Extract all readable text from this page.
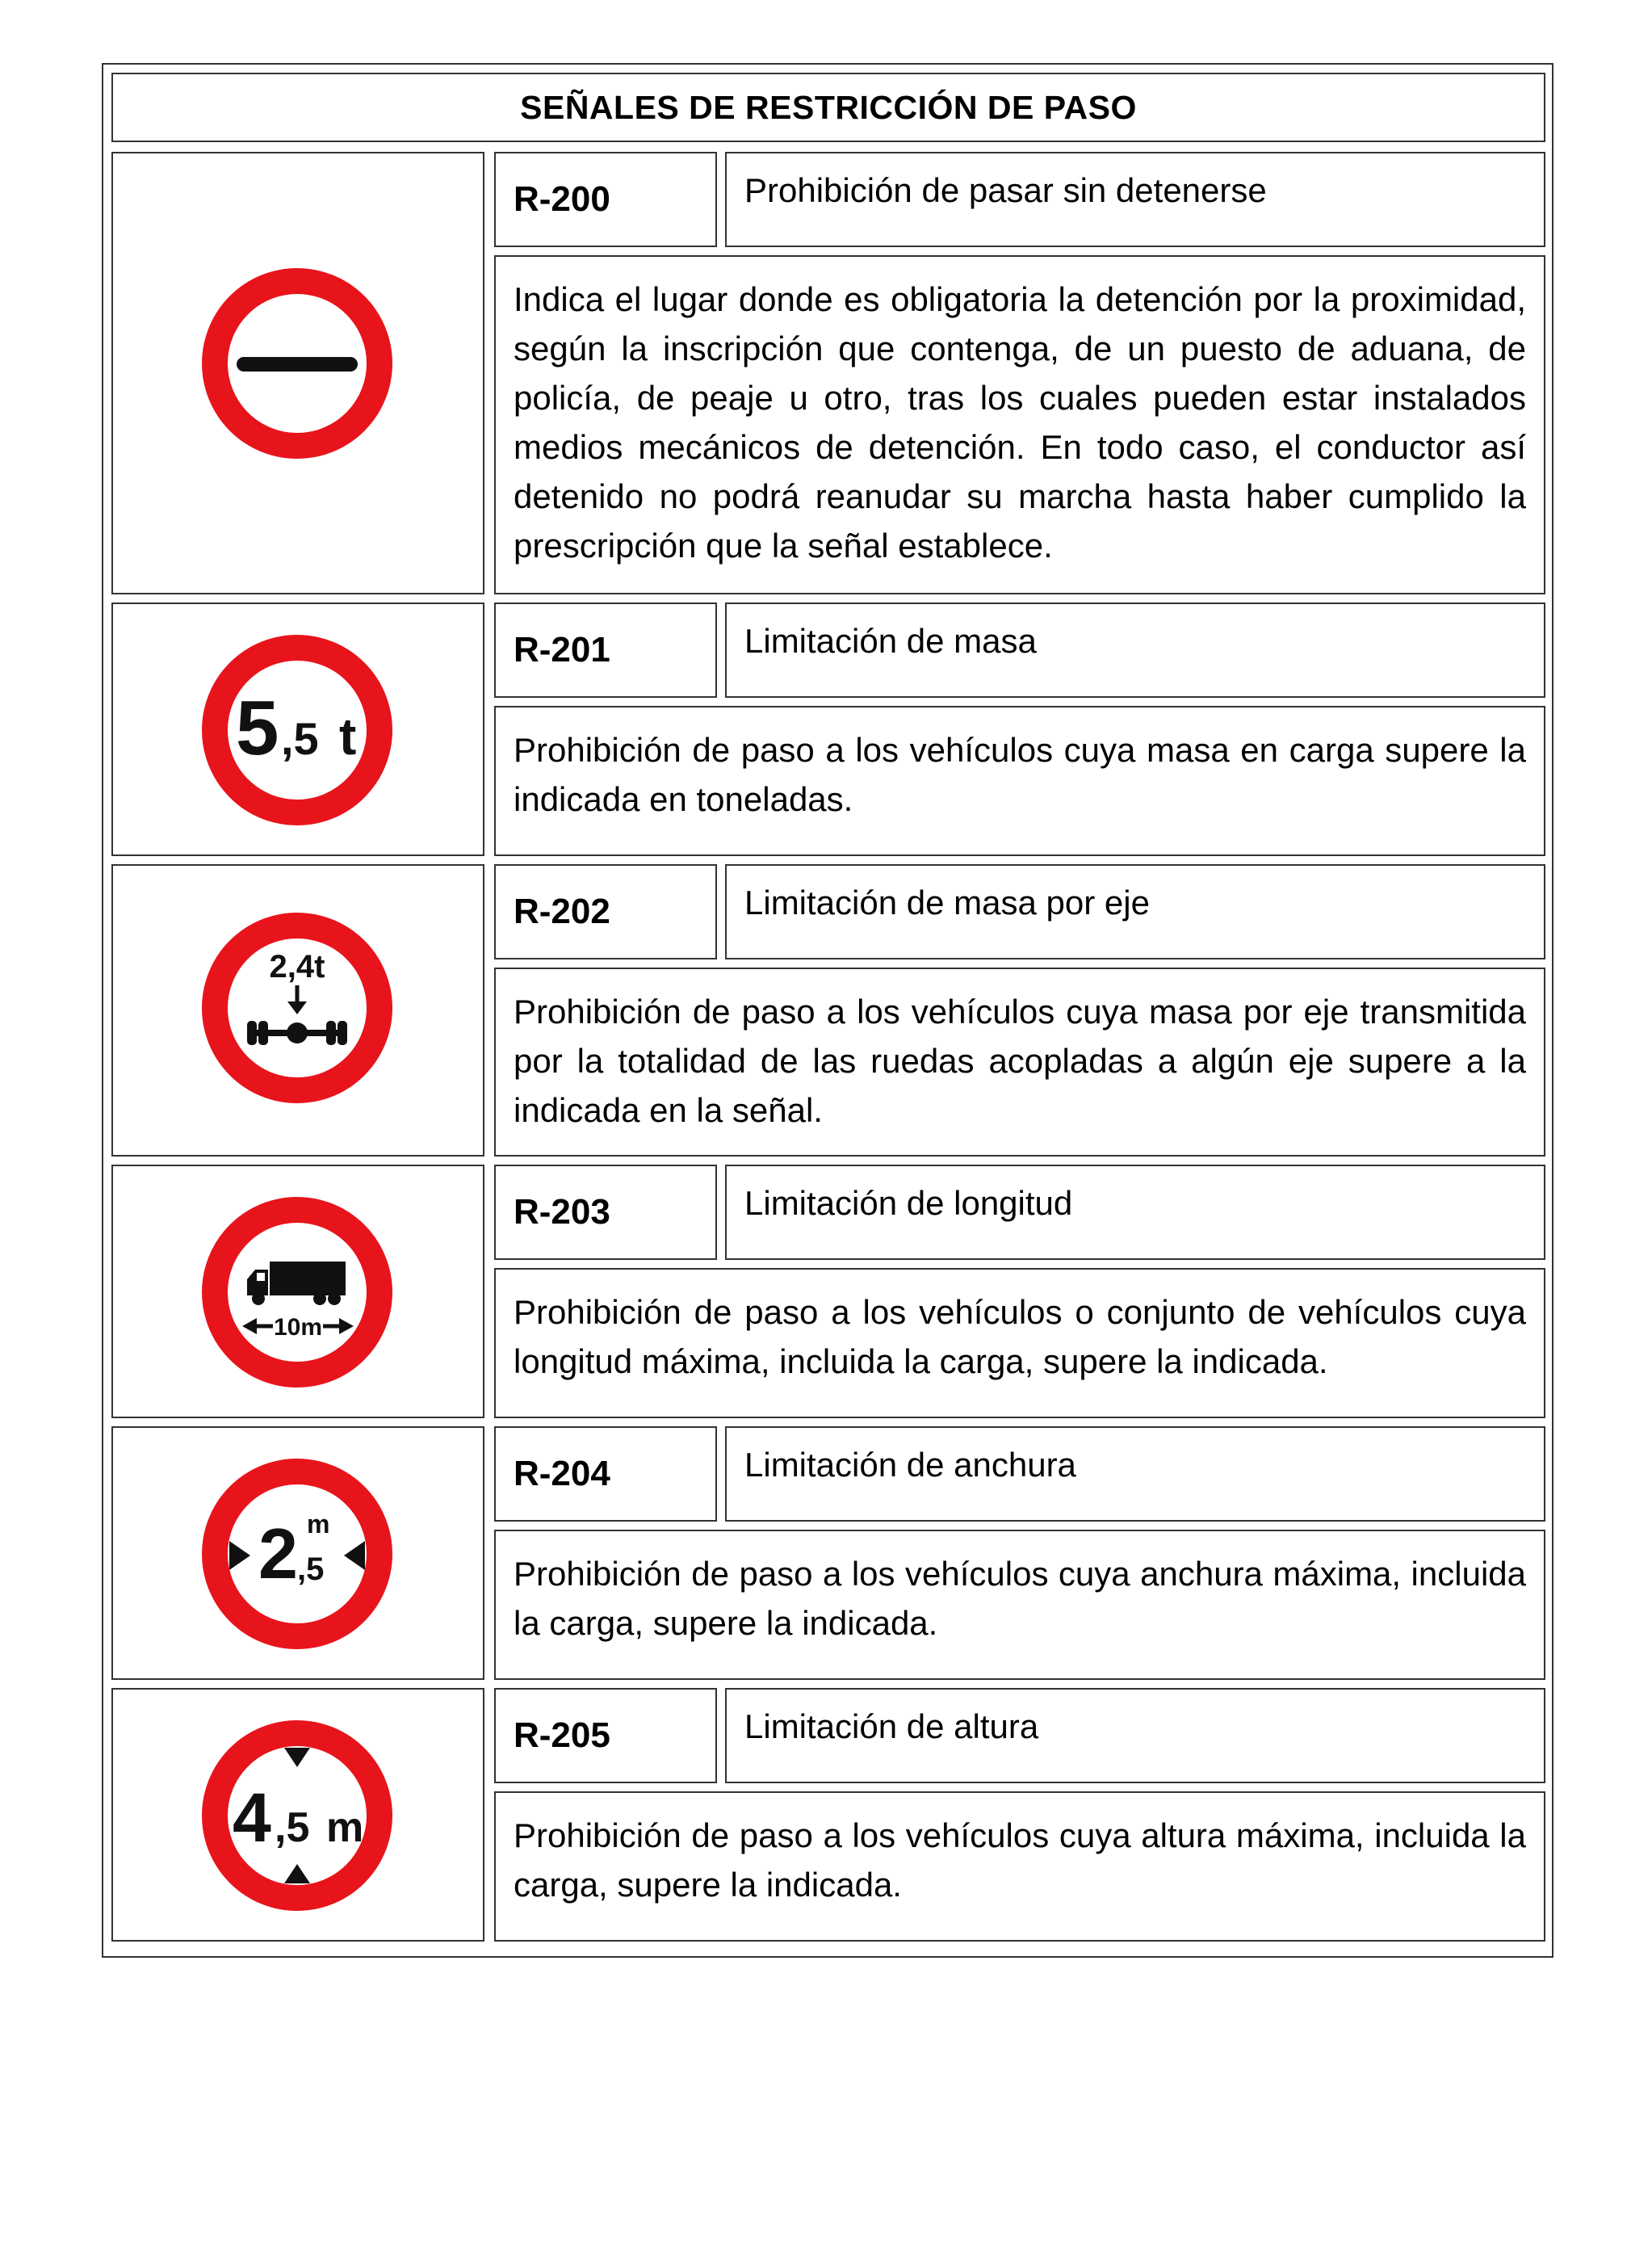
SEÑALES DE RESTRICCIÓN DE PASO
R-200	Prohibición de pasar sin detenerse
Indica el lugar donde es obligatoria la detención por la proximidad, según la inscripción que contenga, de un puesto de aduana, de policía, de peaje u otro, tras los cuales pueden estar instalados medios mecánicos de detención. En todo caso, el conductor así detenido no podrá reanudar su marcha hasta haber cumplido la prescripción que la señal establece.
5 ,5 t
R-201	Limitación de masa
Prohibición de paso a los vehículos cuya masa en carga supere la indicada en toneladas.
2,4t
R-202	Limitación de masa por eje
Prohibición de paso a los vehículos cuya masa por eje transmitida por la totalidad de las ruedas acopladas a algún eje supere a la indicada en la señal.
10m
R-203	Limitación de longitud
Prohibición de paso a los vehículos o conjunto de vehículos cuya longitud máxima, incluida la carga, supere la indicada.
2 m
,5
R-204	Limitación de anchura
Prohibición de paso a los vehículos cuya anchura máxima, incluida la carga, supere la indicada.
4 ,5 m
R-205	Limitación de altura
Prohibición de paso a los vehículos cuya altura máxima, incluida la carga, supere la indicada.
